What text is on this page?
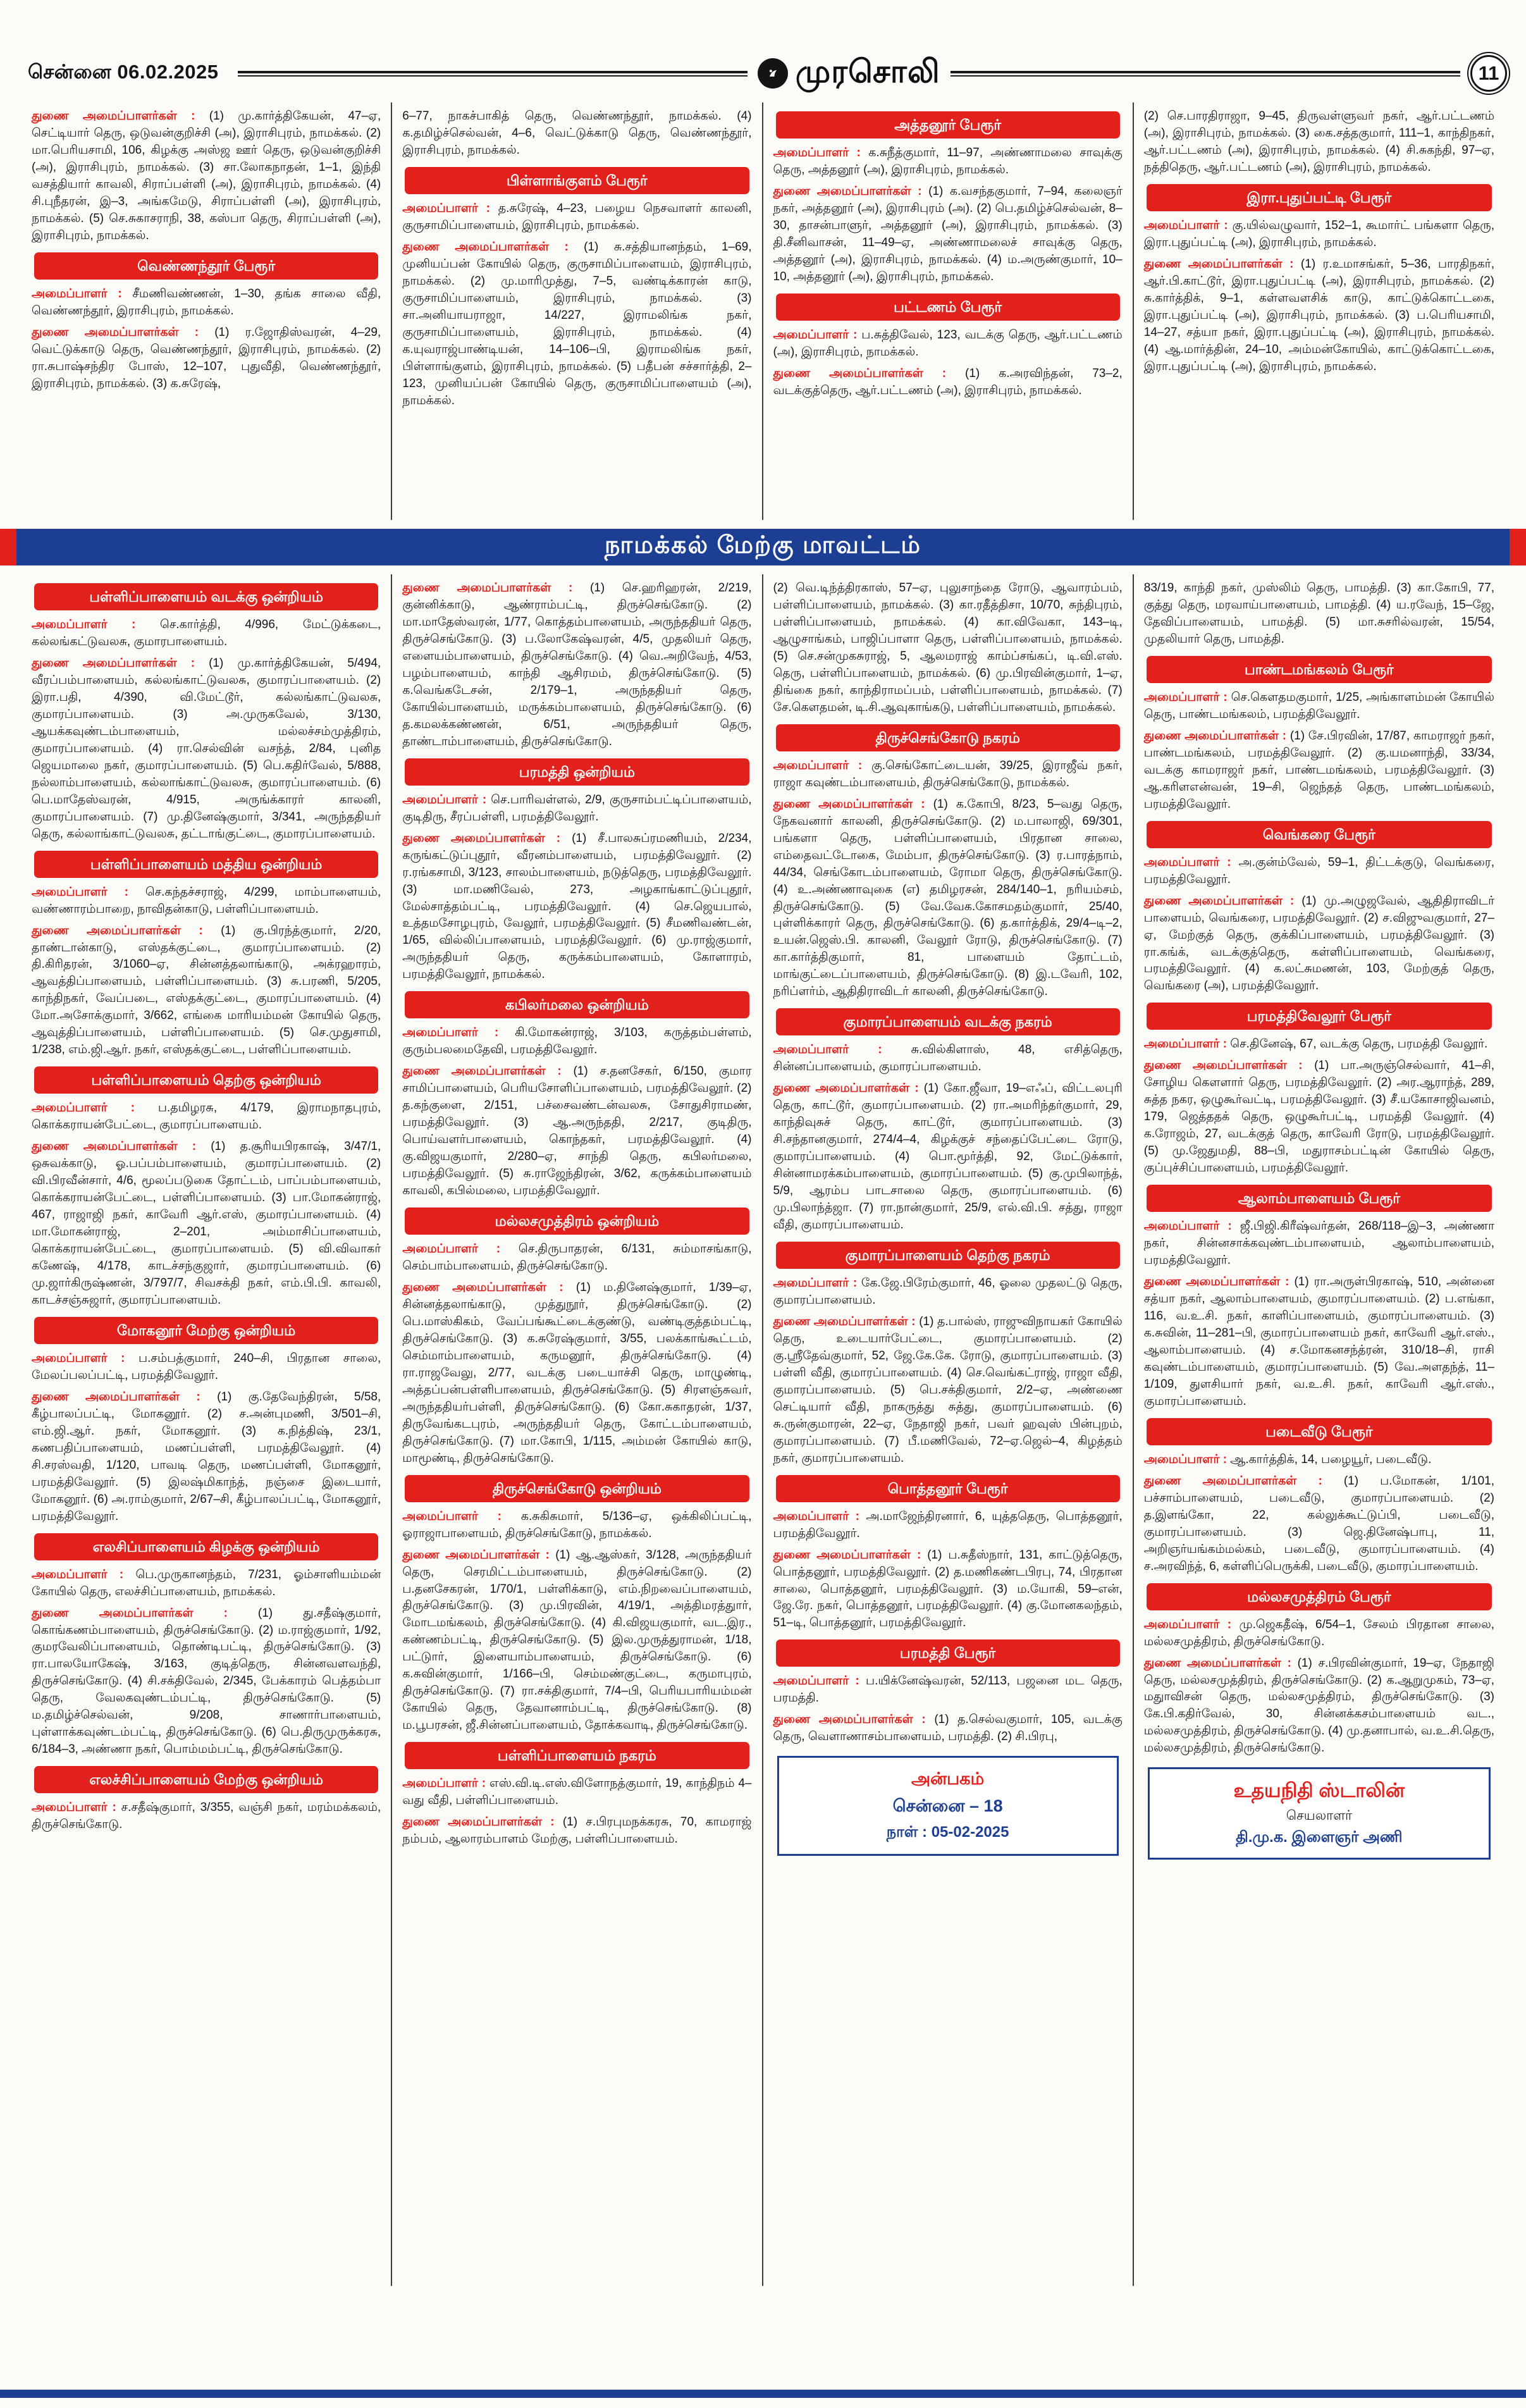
சென்னை 06.02.2025	முரசொலி	11

துணை அமைப்பாளர்கள் : (1) மு.கார்த்திகேயன், 47–ஏ, செட்டியார் தெரு, ஒடுவன்குறிச்சி (அ), இராசிபுரம், நாமக்கல். (2) மா.பெரியசாமி, 106, கிழக்கு அஸ்ஜ ஊர் தெரு, ஒடுவன்குறிச்சி (அ), இராசிபுரம், நாமக்கல். (3) சா.லோகநாதன், 1–1, இந்தி வசத்தியார் காவலி, சிராப்பள்ளி (அ), இராசிபுரம், நாமக்கல். (4) சி.புநீதரன், இ–3, அங்கமேடு, சிராப்பள்ளி (அ), இராசிபுரம், நாமக்கல். (5) செ.சுகாசராநி, 38, கஸ்பா தெரு, சிராப்பள்ளி (அ), இராசிபுரம், நாமக்கல்.

வெண்ணந்தூர் பேரூர்

அமைப்பாளர் : சீமணிவண்ணன், 1–30, தங்க சாலை வீதி, வெண்ணந்தூர், இராசிபுரம், நாமக்கல்.

துணை அமைப்பாளர்கள் : (1) ர.ஜோதிஸ்வரன், 4–29, வெட்டுக்காடு தெரு, வெண்ணந்தூர், இராசிபுரம், நாமக்கல். (2) ரா.சுபாஷ்சந்திர போஸ், 12–107, புதுவீதி, வெண்ணந்தூர், இராசிபுரம், நாமக்கல். (3) க.சுரேஷ்,

6–77, நாகச்பாகித் தெரு, வெண்ணந்தூர், நாமக்கல். (4) க.தமிழ்ச்செல்வன், 4–6, வெட்டுக்காடு தெரு, வெண்ணந்தூர், இராசிபுரம், நாமக்கல்.

பிள்ளாங்குளம் பேரூர்

அமைப்பாளர் : த.சுரேஷ், 4–23, பழைய நெசவாளர் காலனி, குருசாமிப்பாளையம், இராசிபுரம், நாமக்கல்.

துணை அமைப்பாளர்கள் : (1) சு.சத்தியானந்தம், 1–69, முனியப்பன் கோயில் தெரு, குருசாமிப்பாளையம், இராசிபுரம், நாமக்கல். (2) மு.மாரிமுத்து, 7–5, வண்டிக்காரன் காடு, குருசாமிப்பாளையம், இராசிபுரம், நாமக்கல். (3) சா.அனியாயராஜா, 14/227, இராமலிங்க நகர், குருசாமிப்பாளையம், இராசிபுரம், நாமக்கல். (4) க.யுவராஜ்பாண்டியன், 14–106–பி, இராமலிங்க நகர், பிள்ளாங்குளம், இராசிபுரம், நாமக்கல். (5) பதீபன் சச்சார்த்தி, 2–123, முனியப்பன் கோயில் தெரு, குருசாமிப்பாளையம் (அ), நாமக்கல்.

அத்தனூர் பேரூர்

அமைப்பாளர் : க.சுநீத்குமார், 11–97, அண்ணாமலை சாவுக்கு தெரு, அத்தனூர் (அ), இராசிபுரம், நாமக்கல்.

துணை அமைப்பாளர்கள் : (1) க.வசந்தகுமார், 7–94, கலைஞர் நகர், அத்தனூர் (அ), இராசிபுரம் (அ). (2) பெ.தமிழ்ச்செல்வன், 8–30, தாசன்பாளுர், அத்தனூர் (அ), இராசிபுரம், நாமக்கல். (3) தி.சீனிவாசன், 11–49–ஏ, அண்ணாமலைச் சாவுக்கு தெரு, அத்தனூர் (அ), இராசிபுரம், நாமக்கல். (4) ம.அருண்குமார், 10–10, அத்தனூர் (அ), இராசிபுரம், நாமக்கல்.

பட்டணம் பேரூர்

அமைப்பாளர் : ப.சுத்திவேல், 123, வடக்கு தெரு, ஆர்.பட்டணம் (அ), இராசிபுரம், நாமக்கல்.

துணை அமைப்பாளர்கள் : (1) க.அரவிந்தன், 73–2, வடக்குத்தெரு, ஆர்.பட்டணம் (அ), இராசிபுரம், நாமக்கல்.

(2) செ.பாரதிராஜா, 9–45, திருவள்ளுவர் நகர், ஆர்.பட்டணம் (அ), இராசிபுரம், நாமக்கல். (3) கை.சத்தகுமார், 111–1, காந்திநகர், ஆர்.பட்டணம் (அ), இராசிபுரம், நாமக்கல். (4) சி.சுகந்தி, 97–ஏ, நத்திதெரு, ஆர்.பட்டணம் (அ), இராசிபுரம், நாமக்கல்.

இரா.புதுப்பட்டி பேரூர்

அமைப்பாளர் : கு.யில்வழுவார், 152–1, கூமார்ட் பங்களா தெரு, இரா.புதுப்பட்டி (அ), இராசிபுரம், நாமக்கல்.

துணை அமைப்பாளர்கள் : (1) ர.உமாசங்கர், 5–36, பாரதிநகர், ஆர்.பி.காட்டூர், இரா.புதுப்பட்டி (அ), இராசிபுரம், நாமக்கல். (2) சு.கார்த்திக், 9–1, கள்ளவளசிக் காடு, காட்டுக்கொட்டகை, இரா.புதுப்பட்டி (அ), இராசிபுரம், நாமக்கல். (3) ப.பெரியசாமி, 14–27, சத்யா நகர், இரா.புதுப்பட்டி (அ), இராசிபுரம், நாமக்கல். (4) ஆ.மார்த்தின், 24–10, அம்மன்கோயில், காட்டுக்கொட்டகை, இரா.புதுப்பட்டி (அ), இராசிபுரம், நாமக்கல்.

நாமக்கல் மேற்கு மாவட்டம்
பள்ளிப்பாளையம் வடக்கு ஒன்றியம்

அமைப்பாளர் : செ.கார்த்தி, 4/996, மேட்டுக்கடை, கல்லங்கட்டுவலசு, குமாரபாளையம்.

துணை அமைப்பாளர்கள் : (1) மு.கார்த்திகேயன், 5/494, வீரப்பம்பாளையம், கல்லங்காட்டுவலசு, குமாரப்பாளையம். (2) இரா.பதி, 4/390, வி.மேட்டூர், கல்லங்காட்டுவலசு, குமாரப்பாளையம். (3) அ.முருகவேல், 3/130, ஆயக்கவுண்டம்பாளையம், மல்லச்சம்முத்திரம், குமாரப்பாளையம். (4) ரா.செல்வின் வசந்த், 2/84, புனித ஜெயமாலை நகர், குமாரப்பாளையம். (5) பெ.கதிர்வேல், 5/888, நல்லாம்பாளையம், கல்லாங்காட்டுவலசு, குமாரப்பாளையம். (6) பெ.மாதேஸ்வரன், 4/915, அருங்க்காரர் காலனி, குமாரப்பாளையம். (7) மு.தினேஷ்குமார், 3/341, அருந்ததியர் தெரு, கல்லாங்காட்டுவலசு, தட்டாங்குட்டை, குமாரப்பாளையம்.

பள்ளிப்பாளையம் மத்திய ஒன்றியம்

அமைப்பாளர் : செ.கந்தச்சராஜ், 4/299, மாம்பாளையம், வண்ணாரம்பாறை, நாவிதன்காடு, பள்ளிப்பாளையம்.

துணை அமைப்பாளர்கள் : (1) கு.பிரந்த்குமார், 2/20, தாண்டான்காடு, எஸ்தக்குட்டை, குமாரப்பாளையம். (2) தி.கிரிதரன், 3/1060–ஏ, சின்னத்தலாங்காடு, அக்ரஹாரம், ஆவத்திப்பாளையம், பள்ளிப்பாளையம். (3) சு.பரணி, 5/205, காந்திநகர், வேப்படை, எஸ்தக்குட்டை, குமாரப்பாளையம். (4) மோ.அசோக்குமார், 3/662, எங்கை மாரியம்மன் கோயில் தெரு, ஆவுத்திப்பாளையம், பள்ளிப்பாளையம். (5) செ.முதுசாமி, 1/238, எம்.ஜி.ஆர். நகர், எஸ்தக்குட்டை, பள்ளிப்பாளையம்.

பள்ளிப்பாளையம் தெற்கு ஒன்றியம்

அமைப்பாளர் : ப.தமிழரசு, 4/179, இராமநாதபுரம், கொக்கராயன்பேட்டை, குமாரப்பாளையம்.

துணை அமைப்பாளர்கள் : (1) த.சூரியபிரகாஷ், 3/47/1, ஒசுவக்காடு, ஓ.பப்பம்பாளையம், குமாரப்பாளையம். (2) வி.பிரவீன்சார், 4/6, மூலப்படுகை தோட்டம், பாப்பம்பாளையம், கொக்கராயன்பேட்டை, பள்ளிப்பாளையம். (3) பா.மோகன்ராஜ், 467, ராஜாஜி நகர், காவேரி ஆர்.எஸ், குமாரப்பாளையம். (4) மா.மோகன்ராஜ், 2–201, அம்மாசிப்பாளையம், கொக்கராயன்பேட்டை, குமாரப்பாளையம். (5) வி.விவாகர் கணேஷ், 4/178, காடச்சந்குஜார், குமாரப்பாளையம். (6) மு.ஜார்கிருஷ்ணன், 3/797/7, சிவசக்தி நகர், எம்.பி.பி. காவலி, காடச்சஞ்சுஜார், குமாரப்பாளையம்.

மோகனூர் மேற்கு ஒன்றியம்

அமைப்பாளர் : ப.சம்பத்குமார், 240–சி, பிரதான சாலை, மேலப்பலப்பட்டி, பரமத்திவேலூர்.

துணை அமைப்பாளர்கள் : (1) கு.தேவேந்திரன், 5/58, கீழ்பாலப்பட்டி, மோகனூர். (2) ச.அன்புமணி, 3/501–சி, எம்.ஜி.ஆர். நகர், மோகனூர். (3) க.நித்திஷ், 23/1, கணபதிப்பாளையம், மணப்பள்ளி, பரமத்திவேலூர். (4) சி.சரஸ்வதி, 1/120, பாவடி தெரு, மணப்பள்ளி, மோகனூர், பரமத்திவேலூர். (5) இலஷ்மிகாந்த், நஞ்சை இடையார், மோகனூர். (6) அ.ராம்குமார், 2/67–சி, கீழ்பாலப்பட்டி, மோகனூர், பரமத்திவேலூர்.

எலசிப்பாளையம் கிழக்கு ஒன்றியம்

அமைப்பாளர் : பெ.முருகானந்தம், 7/231, ஓம்சாளியம்மன் கோயில் தெரு, எலச்சிப்பாளையம், நாமக்கல்.

துணை அமைப்பாளர்கள் :	(1) து.சதீஷ்குமார், கொங்கணம்பாளையம், திருச்செங்கோடு. (2) ம.ராஜ்குமார், 1/92, குமரவேலிப்பாளையம், தொண்டிபட்டி, திருச்செங்கோடு. (3) ரா.பாலயோகேஷ், 3/163, குடித்தெரு, சின்னவளவந்தி, திருச்செங்கோடு. (4) சி.சக்திவேல், 2/345, பேக்காரம் பெத்தம்பா தெரு, வேலகவுண்டம்பட்டி, திருச்செங்கோடு. (5) ம.தமிழ்ச்செல்வன், 9/208, சாணார்பாளையம், புள்ளாக்கவுண்டம்பட்டி, திருச்செங்கோடு. (6) பெ.திருமுருக்கரசு, 6/184–3, அண்ணா நகர், பொம்மம்பட்டி, திருச்செங்கோடு.

எலச்சிப்பாளையம் மேற்கு ஒன்றியம்

அமைப்பாளர் : ச.சதீஷ்குமார், 3/355, வஞ்சி நகர், மரம்மக்கலம், திருச்செங்கோடு.

துணை அமைப்பாளர்கள் : (1) செ.ஹரிஹரன், 2/219, குன்னிக்காடு, ஆண்ராம்பட்டி, திருச்செங்கோடு. (2) மா.மாதேஸ்வரன், 1/77, கொத்தம்பாளையம், அருந்ததியர் தெரு, திருச்செங்கோடு. (3) ப.லோகேஷ்வரன், 4/5, முதலியர் தெரு, எளையம்பாளையம், திருச்செங்கோடு. (4) வெ.அறிவேந், 4/53, பழம்பாளையம், காந்தி ஆசிரமம், திருச்செங்கோடு. (5) க.வெங்கடேசன், 2/179–1, அருந்ததியர் தெரு, கோயில்பாளையம், மருக்கம்பாளையம், திருச்செங்கோடு. (6) த.கமலக்கண்ணன், 6/51, அருந்ததியர் தெரு, தாண்டாம்பாளையம், திருச்செங்கோடு.

பரமத்தி ஒன்றியம்

அமைப்பாளர் : செ.பாரிவள்ளல், 2/9, குருசாம்பட்டிப்பாளையம், குடிதிரு, சீரப்பள்ளி, பரமத்திவேலூர்.

துணை அமைப்பாளர்கள் : (1) சீ.பாலசுப்ரமணியம், 2/234, கருங்கட்டுப்புதூர், வீரனம்பாளையம், பரமத்திவேலூர். (2) ர.ரங்கசாமி, 3/123, சாலம்பாளையம், நடுத்தெரு, பரமத்திவேலூர். (3) மா.மணிவேல், 273, அழகாங்காட்டுப்புதூர், மேல்சாத்தம்பட்டி, பரமத்திவேலூர். (4) செ.ஜெயபால், உத்தமசோழபுரம், வேலூர், பரமத்திவேலூர். (5) சீமணிவண்டன், 1/65, வில்லிப்பாளையம், பரமத்திவேலூர். (6) மு.ராஜ்குமார், அருந்ததியர் தெரு, கருக்கம்பாளையம், கோளாரம், பரமத்திவேலூர், நாமக்கல்.

கபிலர்மலை ஒன்றியம்

அமைப்பாளர் : கி.மோகன்ராஜ், 3/103, கருத்தம்பள்ளம், குரும்பலமைதேவி, பரமத்திவேலூர்.

துணை அமைப்பாளர்கள் : (1) ச.தனசேகர், 6/150, குமார சாமிப்பாளையம், பெரியசோளிப்பாளையம், பரமத்திவேலூர். (2) த.கந்குளை, 2/151, பச்சைவண்டன்வலசு, சோதுசிராமண், பரமத்திவேலூர். (3) ஆ.அருந்ததி, 2/217, குடிதிரு, பொய்வளர்பாளையம், கொந்தகர், பரமத்திவேலூர். (4) கு.விஜயகுமார், 2/280–ஏ, சாந்தி தெரு, கபிலர்மலை, பரமத்திவேலூர். (5) சு.ராஜேந்திரன், 3/62, கருக்கம்பாளையம் காவலி, கபில்மலை, பரமத்திவேலூர்.

மல்லசமுத்திரம் ஒன்றியம்

அமைப்பாளர் : செ.திருபாதரன், 6/131, சும்மாசங்காடு, செம்பாம்பாளையம், திருச்செங்கோடு.

துணை அமைப்பாளர்கள் : (1) ம.தினேஷ்குமார், 1/39–ஏ, சின்னத்தலாங்காடு, முத்துநூர், திருச்செங்கோடு. (2) பெ.மாஸ்கிகம், வேப்பங்கூட்டைக்குண்டு, வண்டிகுத்தம்பட்டி, திருச்செங்கோடு. (3) க.சுரேஷ்குமார், 3/55, பலக்காங்கூட்டம், செம்மாம்பாளையம், கருமனூர், திருச்செங்கோடு. (4) ரா.ராஜவேலு, 2/77, வடக்கு படையாச்சி தெரு, மாழுண்டி, அத்தப்பன்பள்ளிபாளையம், திருச்செங்கோடு. (5) சிரளஞ்சுவர், அருந்ததியர்பள்ளி, திருச்செங்கோடு. (6) கோ.சுகாதரன், 1/37, திருவேங்கடபுரம், அருந்ததியர் தெரு, கோட்டம்பாளையம், திருச்செங்கோடு. (7) மா.கோபி, 1/115, அம்மன் கோயில் காடு, மாமூண்டி, திருச்செங்கோடு.

திருச்செங்கோடு ஒன்றியம்

அமைப்பாளர் : க.சுகிசுமார், 5/136–ஏ, ஒக்கிலிப்பட்டி, ஓராஜாபாளையம், திருச்செங்கோடு, நாமக்கல்.

துணை அமைப்பாளர்கள் : (1) ஆ.ஆஸ்கர், 3/128, அருந்ததியர் தெரு, செரமிட்டம்பாளையம், திருச்செங்கோடு. (2) ப.தனசேகரன், 1/70/1, பள்ளிக்காடு, எம்.நிறவைப்பாளையம், திருச்செங்கோடு. (3) மு.பிரவின், 4/19/1, அத்திமரத்துார், மோடமங்கலம், திருச்செங்கோடு. (4) கி.விஜயகுமார், வட.இர., கண்ணம்பட்டி, திருச்செங்கோடு. (5) இல.முருத்துராமன், 1/18, பட்டுார், இளையாம்பாளையம், திருச்செங்கோடு. (6) க.சுவின்குமார், 1/166–பி, செம்மண்குட்டை, கருமாபுரம், திருச்செங்கோடு. (7) ரா.சக்திகுமார், 7/4–பி, பெரியபாரியம்மன் கோயில் தெரு, தேவானாம்பட்டி, திருச்செங்கோடு. (8) ம.பூபரசன், ஜீ.சின்னப்பாளையம், தோக்கவாடி, திருச்செங்கோடு.

பள்ளிப்பாளையம் நகரம்

அமைப்பாளர் : எஸ்.வி.டி.எஸ்.விளோநத்குமார், 19, காந்திநம் 4–வது வீதி, பள்ளிப்பாளையம்.

துணை அமைப்பாளர்கள் : (1) ச.பிரபுமநக்கரசு, 70, காமராஜ் நம்பம், ஆலாரம்பாளம் மேற்கு, பள்ளிப்பாளையம்.

(2) வெ.டிந்த்திரகாஸ், 57–ஏ, புலுசாந்தை ரோடு, ஆவாரம்பம், பள்ளிப்பாளையம், நாமக்கல். (3) கா.ரதீத்திசா, 10/70, சுந்திபுரம், பள்ளிப்பாளையம், நாமக்கல். (4) கா.விவேகா, 143–டி, ஆழுசாங்கம், பாஜிப்பாளா தெரு, பள்ளிப்பாளையம், நாமக்கல். (5) செ.சன்முகசுராஜ், 5, ஆலமராஜ் காம்ப்சங்கப், டி.வி.எஸ். தெரு, பள்ளிப்பாளையம், நாமக்கல். (6) மு.பிரவின்குமார், 1–ஏ, திங்கை நகர், காந்திராமப்பம், பள்ளிப்பாளையம், நாமக்கல். (7) சே.கௌதமன், டி.சி.ஆவுகாங்கடு, பள்ளிப்பாளையம், நாமக்கல்.

திருச்செங்கோடு நகரம்

அமைப்பாளர் : கு.செங்கோட்டையன், 39/25, இராஜீவ் நகர், ராஜா கவுண்டம்பாளையம், திருச்செங்கோடு, நாமக்கல்.

துணை அமைப்பாளர்கள் : (1) க.கோபி, 8/23, 5–வது தெரு, நேகவனார் காலனி, திருச்செங்கோடு. (2) ம.பாலாஜி, 69/301, பங்களா தெரு, பள்ளிப்பாளையம், பிரதான சாலை, எம்தைவட்டோகை, மேம்பா, திருச்செங்கோடு. (3) ர.பாரத்நாம், 44/34, செங்கோடம்பாளையம், ரோமா தெரு, திருச்செங்கோடு. (4) உ.அண்ணாவுகை (எ) தமிழரசன், 284/140–1, நரியம்சம், திருச்செங்கோடு. (5) வே.வேக.கோசமதம்குமார், 25/40, புள்ளிக்காரர் தெரு, திருச்செங்கோடு. (6) த.கார்த்திக், 29/4–டி–2, உயன்.ஜெஸ்.பி. காலனி, வேலூர் ரோடு, திருச்செங்கோடு. (7) கா.கார்த்திகுமார், 81, பாளையம் தோட்டம், மாங்குட்டைப்பாளையம், திருச்செங்கோடு. (8) இ.டவேரி, 102, நரிப்ளர்ம், ஆதிதிராவிடர் காலனி, திருச்செங்கோடு.

குமாரப்பாளையம் வடக்கு நகரம்

அமைப்பாளர் : சு.வில்கிளாஸ், 48, எசித்தெரு, சின்னப்பாளையம், குமாரப்பாளையம்.

துணை அமைப்பாளர்கள் : (1) கோ.ஜீவா, 19–எஃப், விட்டலபுரி தெரு, காட்டூர், குமாரப்பாளையம். (2) ரா.அமரிந்தர்குமார், 29, காந்திவுசுச் தெரு, காட்டூர், குமாரப்பாளையம். (3) சி.சந்தானகுமார், 274/4–4, கிழக்குச் சந்தைப்பேட்டை ரோடு, குமாரப்பாளையம். (4) பொ.மூர்த்தி, 92, மேட்டுக்கார், சின்னாமரக்கம்பாளையம், குமாரப்பாளையம். (5) கு.முபிலாந்த், 5/9, ஆரம்ப பாடசாலை தெரு, குமாரப்பாளையம். (6) மு.பிலாந்த்ஜா. (7) ரா.நான்குமார், 25/9, எல்.வி.பி. சத்து, ராஜா வீதி, குமாரப்பாளையம்.

குமாரப்பாளையம் தெற்கு நகரம்

அமைப்பாளர் : கே.ஜே.பிரேம்குமார், 46, ஓலை முதலட்டு தெரு, குமாரப்பாளையம்.

துணை அமைப்பாளர்கள் : (1) த.பால்ஸ், ராஜுவிநாயகர் கோயில் தெரு, உடையார்பேட்டை, குமாரப்பாளையம். (2) கு.ஸ்ரீதேவ்குமார், 52, ஜே.கே.கே. ரோடு, குமாரப்பாளையம். (3) பள்ளி வீதி, குமாரப்பாளையம். (4) செ.வெங்கட்ராஜ், ராஜா வீதி, குமாரப்பாளையம். (5) பெ.சக்திகுமார், 2/2–ஏ, அண்ணை செட்டியார் வீதி, நாகருத்து சுத்து, குமாரப்பாளையம். (6) சு.ருன்குமாரன், 22–ஏ, நேதாஜி நகர், பவர் ஹவுஸ் பின்புறம், குமாரப்பாளையம். (7) பீ.மணிவேல், 72–ஏ.ஜெல்–4, கிழத்தம் நகர், குமாரப்பாளையம்.

பொத்தனூர் பேரூர்

அமைப்பாளர் : அ.மாஜேந்திரனார், 6, யுத்ததெரு, பொத்தனூர், பரமத்திவேலூர்.

துணை அமைப்பாளர்கள் : (1) ப.சுதீஸ்நார், 131, காட்டுத்தெரு, பொத்தனூர், பரமத்திவேலூர். (2) த.மணிகண்டபிரபு, 74, பிரதான சாலை, பொத்தனூர், பரமத்திவேலூர். (3) ம.யோகி, 59–என், ஜே.ரே. நகர், பொத்தனூர், பரமத்திவேலூர். (4) கு.மோனகலந்தம், 51–டி, பொத்தனூர், பரமத்திவேலூர்.

பரமத்தி பேரூர்

அமைப்பாளர் : ப.யிக்னேஷ்வரன், 52/113, பஜனை மட தெரு, பரமத்தி.

துணை அமைப்பாளர்கள் : (1) த.செல்வகுமார், 105, வடக்கு தெரு, வெளாணாசம்பாளையம், பரமத்தி. (2) சி.பிரபு,

அன்பகம்
சென்னை – 18
நாள் : 05-02-2025

83/19, காந்தி நகர், முஸ்லிம் தெரு, பாமத்தி. (3) கா.கோபி, 77, குத்து தெரு, மரவாய்பாளையம், பாமத்தி. (4) ய.ரவேந், 15–ஜே, தேவிப்பாளையம், பாமத்தி. (5) மா.சுசரில்வரன், 15/54, முதலியார் தெரு, பாமத்தி.

பாண்டமங்கலம் பேரூர்

அமைப்பாளர் : செ.கௌதமகுமார், 1/25, அங்காளம்மன் கோயில் தெரு, பாண்டமங்கலம், பரமத்திவேலூர்.

துணை அமைப்பாளர்கள் : (1) சே.பிரவின், 17/87, காமராஜர் நகர், பாண்டமங்கலம், பரமத்திவேலூர். (2) கு.யமனாந்தி, 33/34, வடக்கு காமராஜர் நகர், பாண்டமங்கலம், பரமத்திவேலூர். (3) ஆ.கரிளஎன்வன், 19–சி, ஜெந்தத் தெரு, பாண்டமங்கலம், பரமத்திவேலூர்.

வெங்கரை பேரூர்

அமைப்பாளர் : அ.குன்ம்வேல், 59–1, திட்டக்குடு, வெங்கரை, பரமத்திவேலூர்.

துணை அமைப்பாளர்கள் : (1) மு.அழுஜவேல், ஆதிதிராவிடர் பாளையம், வெங்கரை, பரமத்திவேலூர். (2) ச.விஜுவகுமார், 27–ஏ, மேற்குத் தெரு, குக்கிப்பாளையம், பரமத்திவேலூர். (3) ரா.கங்க், வடக்குத்தெரு, கள்ளிப்பாளையம், வெங்கரை, பரமத்திவேலூர். (4) க.லட்சுமணன், 103, மேற்குத் தெரு, வெங்கரை (அ), பரமத்திவேலூர்.

பரமத்திவேலூர் பேரூர்

அமைப்பாளர் : செ.தினேஷ், 67, வடக்கு தெரு, பரமத்தி வேலூர்.

துணை அமைப்பாளர்கள் : (1) பா.அருஞ்செல்வார், 41–சி, சோழிய கௌளார் தெரு, பரமத்திவேலூர். (2) அர.ஆராந்த், 289, சுத்த நகர, ஒழுகூர்வட்டி, பரமத்திவேலூர். (3) சீ.யகோசாஜிவனம், 179, ஜெத்ததக் தெரு, ஒழுகூர்பட்டி, பரமத்தி வேலூர். (4) க.ரோஜம், 27, வடக்குத் தெரு, காவேரி ரோடு, பரமத்திவேலூர். (5) மு.ஜேதுமதி, 88–பி, மதுராசம்பட்டின் கோயில் தெரு, குப்புச்சிப்பாளையம், பரமத்திவேலூர்.

ஆலாம்பாளையம் பேரூர்

அமைப்பாளர் : ஜீ.பிஜி.கிரீஷ்வர்தன், 268/118–இ–3, அண்ணா நகர், சின்னசாக்கவுண்டம்பாளையம், ஆலாம்பாளையம், பரமத்திவேலூர்.

துணை அமைப்பாளர்கள் : (1) ரா.அருள்பிரகாஷ், 510, அன்னை சத்யா நகர், ஆலாம்பாளையம், குமாரப்பாளையம். (2) ப.எங்கா, 116, வ.உ.சி. நகர், காளிப்பாளையம், குமாரப்பாளையம். (3) க.சுவின், 11–281–பி, குமாரப்பாளையம் நகர், காவேரி ஆர்.எஸ்., ஆலாம்பாளையம். (4) ச.மோகனசந்த்ரன், 310/18–சி, ராசி கவுண்டம்பாளையம், குமாரப்பாளையம். (5) வே.அளதந்த், 11–1/109, துளசியார் நகர், வ.உ.சி. நகர், காவேரி ஆர்.எஸ்., குமாரப்பாளையம்.

படைவீடு பேரூர்

அமைப்பாளர் : ஆ.கார்த்திக், 14, பழையூர், படைவீடு.

துணை அமைப்பாளர்கள் : (1) ப.மோகன், 1/101, பச்சாம்பாளையம், படைவீடு, குமாரப்பாளையம். (2) த.இளங்கோ, 22, கல்லுக்கூட்டுப்பி, படைவீடு, குமாரப்பாளையம். (3) ஜெ.தினேஷ்பாபு, 11, அறிஞர்யங்கம்மல்கம், படைவீடு, குமாரப்பாளையம். (4) ச.அரவிந்த், 6, கள்ளிப்பெருக்கி, படைவீடு, குமாரப்பாளையம்.

மல்லசமுத்திரம் பேரூர்

அமைப்பாளர் : மு.ஜெகதீஷ், 6/54–1, சேலம் பிரதான சாலை, மல்லசமுத்திரம், திருச்செங்கோடு.

துணை அமைப்பாளர்கள் : (1) ச.பிரவின்குமார், 19–ஏ, நேதாஜி தெரு, மல்லசமுத்திரம், திருச்செங்கோடு. (2) க.ஆறுமுகம், 73–ஏ, மதுாவிசன் தெரு, மல்லசமுத்திரம், திருச்செங்கோடு. (3) கே.பி.கதிர்வேல், 30, சின்னக்கசம்பாளையம் வட., மல்லசமுத்திரம், திருச்செங்கோடு. (4) மு.தனாபால், வ.உ.சி.தெரு, மல்லசமுத்திரம், திருச்செங்கோடு.

உதயநிதி ஸ்டாலின்
செயலாளர்
தி.மு.க. இளைஞர் அணி
